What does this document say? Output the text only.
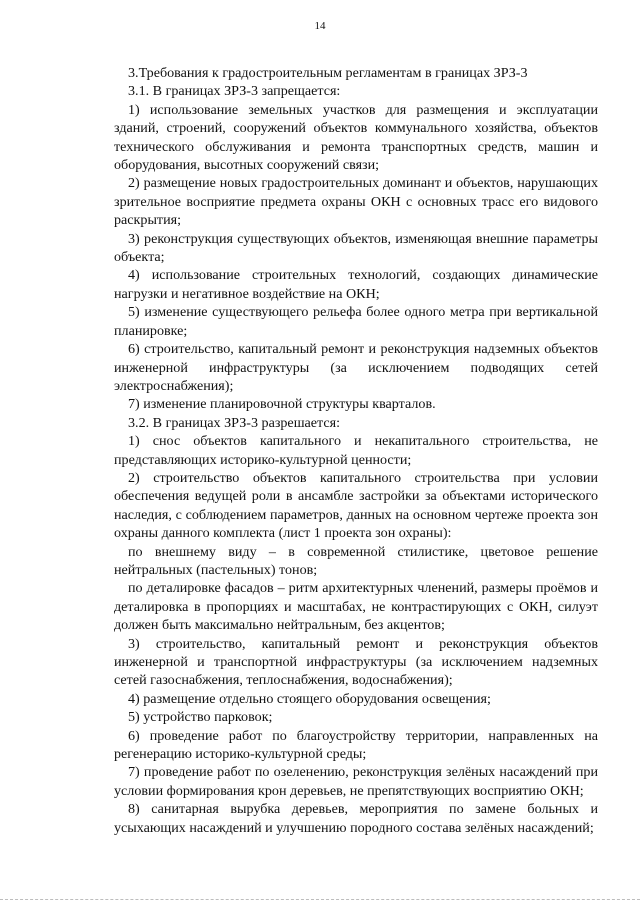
14

3.Требования к градостроительным регламентам в границах ЗРЗ-3

3.1. В границах ЗРЗ-3 запрещается:

1) использование земельных участков для размещения и эксплуатации зданий, строений, сооружений объектов коммунального хозяйства, объектов технического обслуживания и ремонта транспортных средств, машин и оборудования, высотных сооружений связи;

2) размещение новых градостроительных доминант и объектов, нарушающих зрительное восприятие предмета охраны ОКН с основных трасс его видового раскрытия;

3) реконструкция существующих объектов, изменяющая внешние параметры объекта;

4) использование строительных технологий, создающих динамические нагрузки и негативное воздействие на ОКН;

5) изменение существующего рельефа более одного метра при вертикальной планировке;

6) строительство, капитальный ремонт и реконструкция надземных объектов инженерной инфраструктуры (за исключением подводящих сетей электроснабжения);

7) изменение планировочной структуры кварталов.

3.2. В границах ЗРЗ-3 разрешается:

1) снос объектов капитального и некапитального строительства, не представляющих историко-культурной ценности;

2) строительство объектов капитального строительства при условии обеспечения ведущей роли в ансамбле застройки за объектами исторического наследия, с соблюдением параметров, данных на основном чертеже проекта зон охраны данного комплекта (лист 1 проекта зон охраны):

по внешнему виду – в современной стилистике, цветовое решение нейтральных (пастельных) тонов;

по деталировке фасадов – ритм архитектурных членений, размеры проёмов и деталировка в пропорциях и масштабах, не контрастирующих с ОКН, силуэт должен быть максимально нейтральным, без акцентов;

3) строительство, капитальный ремонт и реконструкция объектов инженерной и транспортной инфраструктуры (за исключением надземных сетей газоснабжения, теплоснабжения, водоснабжения);

4) размещение отдельно стоящего оборудования освещения;

5) устройство парковок;

6) проведение работ по благоустройству территории, направленных на регенерацию историко-культурной среды;

7) проведение работ по озеленению, реконструкция зелёных насаждений при условии формирования крон деревьев, не препятствующих восприятию ОКН;

8) санитарная вырубка деревьев, мероприятия по замене больных и усыхающих насаждений и улучшению породного состава зелёных насаждений;
